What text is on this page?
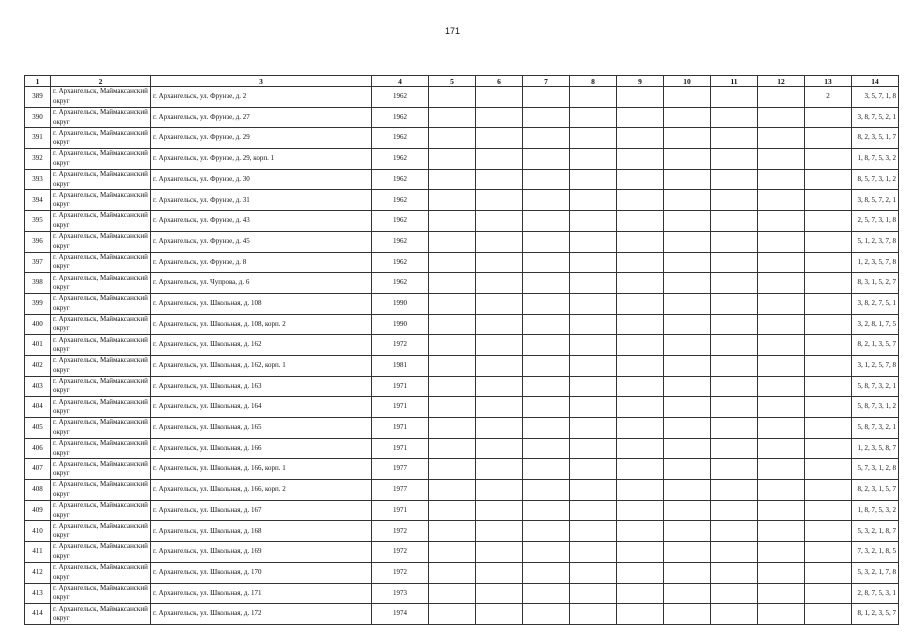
171
1	2	3	4	5	6	7	8	9	10	11	12	13	14
389	г. Архангельск, Маймаксанский округ	г. Архангельск, ул. Фрунзе, д. 2	1962									2	3, 5, 7, 1, 8
390	г. Архангельск, Маймаксанский округ	г. Архангельск, ул. Фрунзе, д. 27	1962										3, 8, 7, 5, 2, 1
391	г. Архангельск, Маймаксанский округ	г. Архангельск, ул. Фрунзе, д. 29	1962										8, 2, 3, 5, 1, 7
392	г. Архангельск, Маймаксанский округ	г. Архангельск, ул. Фрунзе, д. 29, корп. 1	1962										1, 8, 7, 5, 3, 2
393	г. Архангельск, Маймаксанский округ	г. Архангельск, ул. Фрунзе, д. 30	1962										8, 5, 7, 3, 1, 2
394	г. Архангельск, Маймаксанский округ	г. Архангельск, ул. Фрунзе, д. 31	1962										3, 8, 5, 7, 2, 1
395	г. Архангельск, Маймаксанский округ	г. Архангельск, ул. Фрунзе, д. 43	1962										2, 5, 7, 3, 1, 8
396	г. Архангельск, Маймаксанский округ	г. Архангельск, ул. Фрунзе, д. 45	1962										5, 1, 2, 3, 7, 8
397	г. Архангельск, Маймаксанский округ	г. Архангельск, ул. Фрунзе, д. 8	1962										1, 2, 3, 5, 7, 8
398	г. Архангельск, Маймаксанский округ	г. Архангельск, ул. Чупрова, д. 6	1962										8, 3, 1, 5, 2, 7
399	г. Архангельск, Маймаксанский округ	г. Архангельск, ул. Школьная, д. 108	1990										3, 8, 2, 7, 5, 1
400	г. Архангельск, Маймаксанский округ	г. Архангельск, ул. Школьная, д. 108, корп. 2	1990										3, 2, 8, 1, 7, 5
401	г. Архангельск, Маймаксанский округ	г. Архангельск, ул. Школьная, д. 162	1972										8, 2, 1, 3, 5, 7
402	г. Архангельск, Маймаксанский округ	г. Архангельск, ул. Школьная, д. 162, корп. 1	1981										3, 1, 2, 5, 7, 8
403	г. Архангельск, Маймаксанский округ	г. Архангельск, ул. Школьная, д. 163	1971										5, 8, 7, 3, 2, 1
404	г. Архангельск, Маймаксанский округ	г. Архангельск, ул. Школьная, д. 164	1971										5, 8, 7, 3, 1, 2
405	г. Архангельск, Маймаксанский округ	г. Архангельск, ул. Школьная, д. 165	1971										5, 8, 7, 3, 2, 1
406	г. Архангельск, Маймаксанский округ	г. Архангельск, ул. Школьная, д. 166	1971										1, 2, 3, 5, 8, 7
407	г. Архангельск, Маймаксанский округ	г. Архангельск, ул. Школьная, д. 166, корп. 1	1977										5, 7, 3, 1, 2, 8
408	г. Архангельск, Маймаксанский округ	г. Архангельск, ул. Школьная, д. 166, корп. 2	1977										8, 2, 3, 1, 5, 7
409	г. Архангельск, Маймаксанский округ	г. Архангельск, ул. Школьная, д. 167	1971										1, 8, 7, 5, 3, 2
410	г. Архангельск, Маймаксанский округ	г. Архангельск, ул. Школьная, д. 168	1972										5, 3, 2, 1, 8, 7
411	г. Архангельск, Маймаксанский округ	г. Архангельск, ул. Школьная, д. 169	1972										7, 3, 2, 1, 8, 5
412	г. Архангельск, Маймаксанский округ	г. Архангельск, ул. Школьная, д. 170	1972										5, 3, 2, 1, 7, 8
413	г. Архангельск, Маймаксанский округ	г. Архангельск, ул. Школьная, д. 171	1973										2, 8, 7, 5, 3, 1
414	г. Архангельск, Маймаксанский округ	г. Архангельск, ул. Школьная, д. 172	1974										8, 1, 2, 3, 5, 7
